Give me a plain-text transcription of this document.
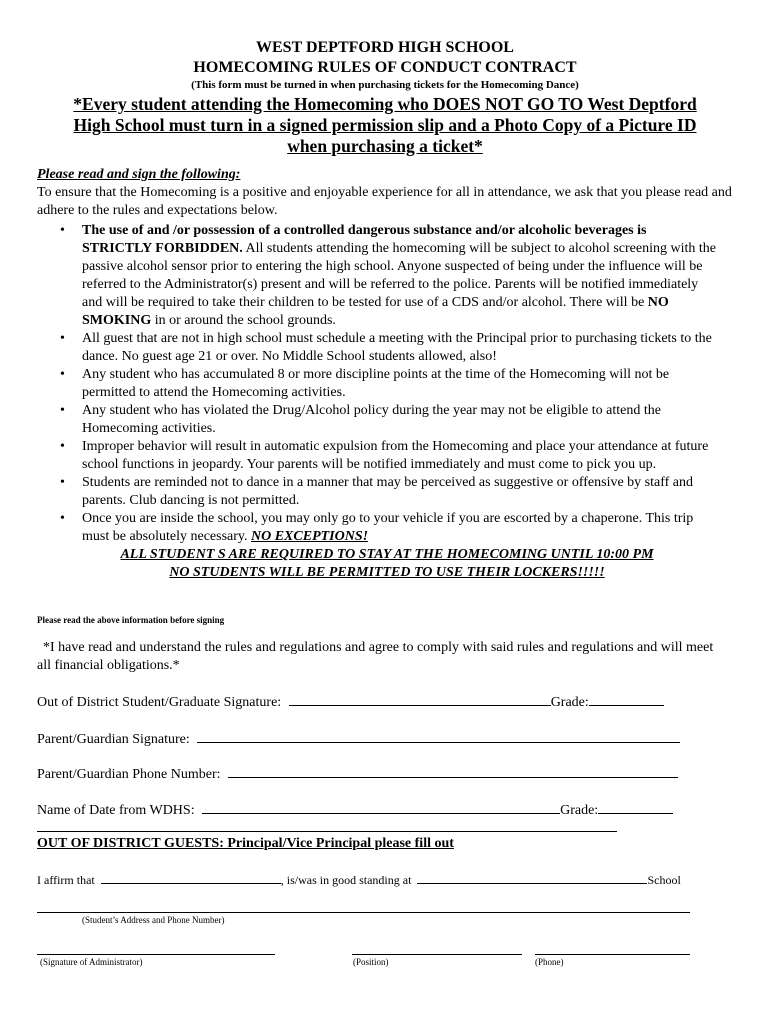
WEST DEPTFORD HIGH SCHOOL
HOMECOMING RULES OF CONDUCT CONTRACT
(This form must be turned in when purchasing tickets for the Homecoming Dance)
*Every student attending the Homecoming who DOES NOT GO TO West Deptford
High School must turn in a signed permission slip and a Photo Copy of a Picture ID
when purchasing a ticket*
Please read and sign the following:
To ensure that the Homecoming is a positive and enjoyable experience for all in attendance, we ask that you please read and adhere to the rules and expectations below.
• The use of and /or possession of a controlled dangerous substance and/or alcoholic beverages is STRICTLY FORBIDDEN. All students attending the homecoming will be subject to alcohol screening with the passive alcohol sensor prior to entering the high school. Anyone suspected of being under the influence will be referred to the Administrator(s) present and will be referred to the police. Parents will be notified immediately and will be required to take their children to be tested for use of a CDS and/or alcohol. There will be NO SMOKING in or around the school grounds.
• All guest that are not in high school must schedule a meeting with the Principal prior to purchasing tickets to the dance. No guest age 21 or over. No Middle School students allowed, also!
• Any student who has accumulated 8 or more discipline points at the time of the Homecoming will not be permitted to attend the Homecoming activities.
• Any student who has violated the Drug/Alcohol policy during the year may not be eligible to attend the Homecoming activities.
• Improper behavior will result in automatic expulsion from the Homecoming and place your attendance at future school functions in jeopardy. Your parents will be notified immediately and must come to pick you up.
• Students are reminded not to dance in a manner that may be perceived as suggestive or offensive by staff and parents. Club dancing is not permitted.
• Once you are inside the school, you may only go to your vehicle if you are escorted by a chaperone. This trip must be absolutely necessary. NO EXCEPTIONS!
ALL STUDENT S ARE REQUIRED TO STAY AT THE HOMECOMING UNTIL 10:00 PM
NO STUDENTS WILL BE PERMITTED TO USE THEIR LOCKERS!!!!!
Please read the above information before signing
*I have read and understand the rules and regulations and agree to comply with said rules and regulations and will meet all financial obligations.*
Out of District Student/Graduate Signature:	Grade:
Parent/Guardian Signature:
Parent/Guardian Phone Number:
Name of Date from WDHS:	Grade:
OUT OF DISTRICT GUESTS: Principal/Vice Principal please fill out
I affirm that	, is/was in good standing at	School
(Student’s Address and Phone Number)
(Signature of Administrator)	(Position)	(Phone)
